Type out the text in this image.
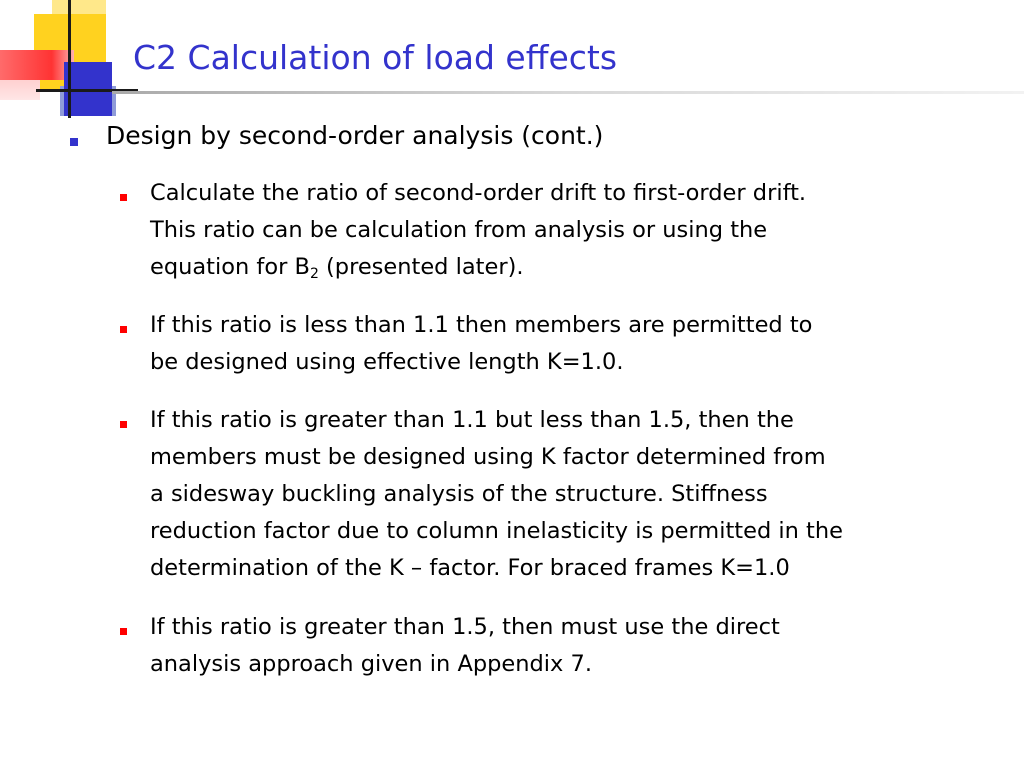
C2 Calculation of load effects
Design by second-order analysis (cont.)
Calculate the ratio of second-order drift to first-order drift.
This ratio can be calculation from analysis or using the
equation for $B_2$ (presented later).
If this ratio is less than 1.1 then members are permitted to
be designed using effective length K=1.0.
If this ratio is greater than 1.1 but less than 1.5, then the
members must be designed using K factor determined from
a sidesway buckling analysis of the structure. Stiffness
reduction factor due to column inelasticity is permitted in the
determination of the K – factor. For braced frames K=1.0
If this ratio is greater than 1.5, then must use the direct
analysis approach given in Appendix 7.
